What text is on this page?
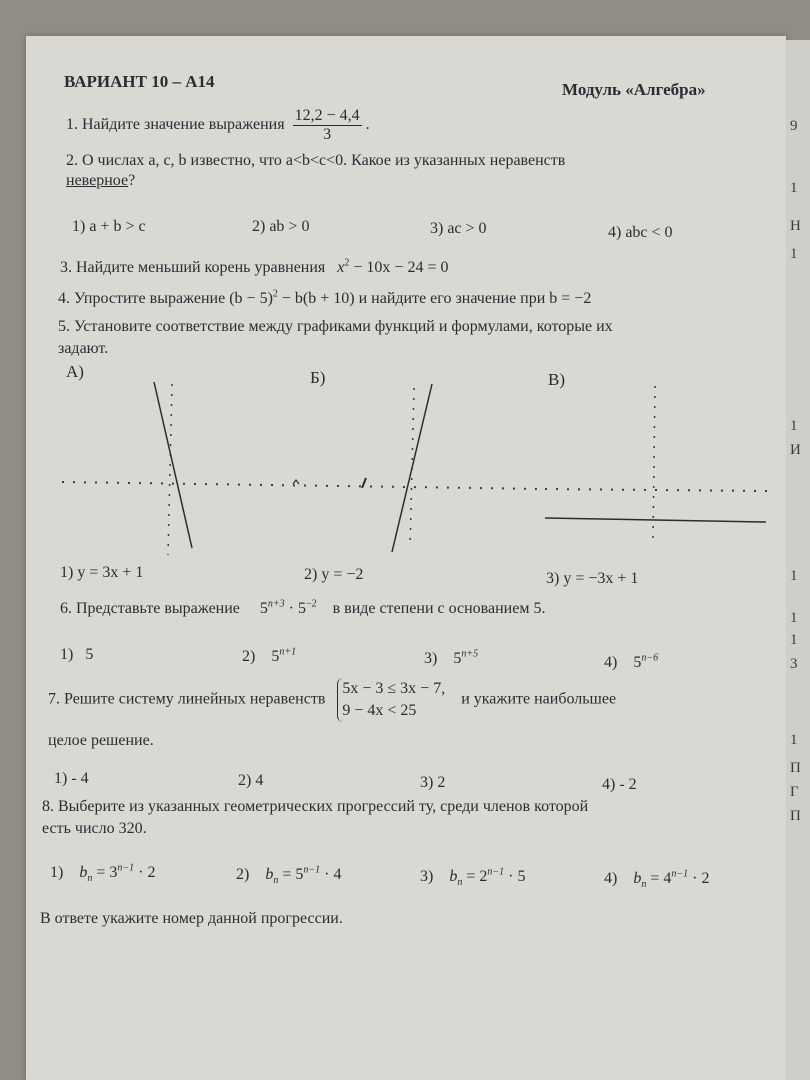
9
1
Н
1
1
И
1
1
1
3
1
П
Г
П
ВАРИАНТ 10 – А14	Модуль «Алгебра»
1. Найдите значение выражения $\frac{12,2 - 4,4}{3}$ .
2. О числах a, c, b известно, что a<b<c<0. Какое из указанных неравенств
неверное?
1) a + b > c	2) ab > 0	3) ac > 0	4) abc < 0
3. Найдите меньший корень уравнения $x^2 - 10x - 24 = 0$
4. Упростите выражение $(b - 5)^2 - b(b + 10)$ и найдите его значение при b = −2
5. Установите соответствие между графиками функций и формулами, которые их
задают.
А)	Б)	В)
1) y = 3x + 1	2) y = −2	3) y = −3x + 1
6. Представьте выражение $5^{n+3} \cdot 5^{-2}$ в виде степени с основанием 5.
1) 5	2) $5^{n+1}$	3) $5^{n+5}$	4) $5^{n-6}$
7. Решите систему линейных неравенств
5x − 3 ≤ 3x − 7,
9 − 4x < 25
и укажите наибольшее
целое решение.
1) - 4	2) 4	3) 2	4) - 2
8. Выберите из указанных геометрических прогрессий ту, среди членов которой
есть число 320.
1) $b_n = 3^{n-1} \cdot 2$	2) $b_n = 5^{n-1} \cdot 4$	3) $b_n = 2^{n-1} \cdot 5$	4) $b_n = 4^{n-1} \cdot 2$
В ответе укажите номер данной прогрессии.
